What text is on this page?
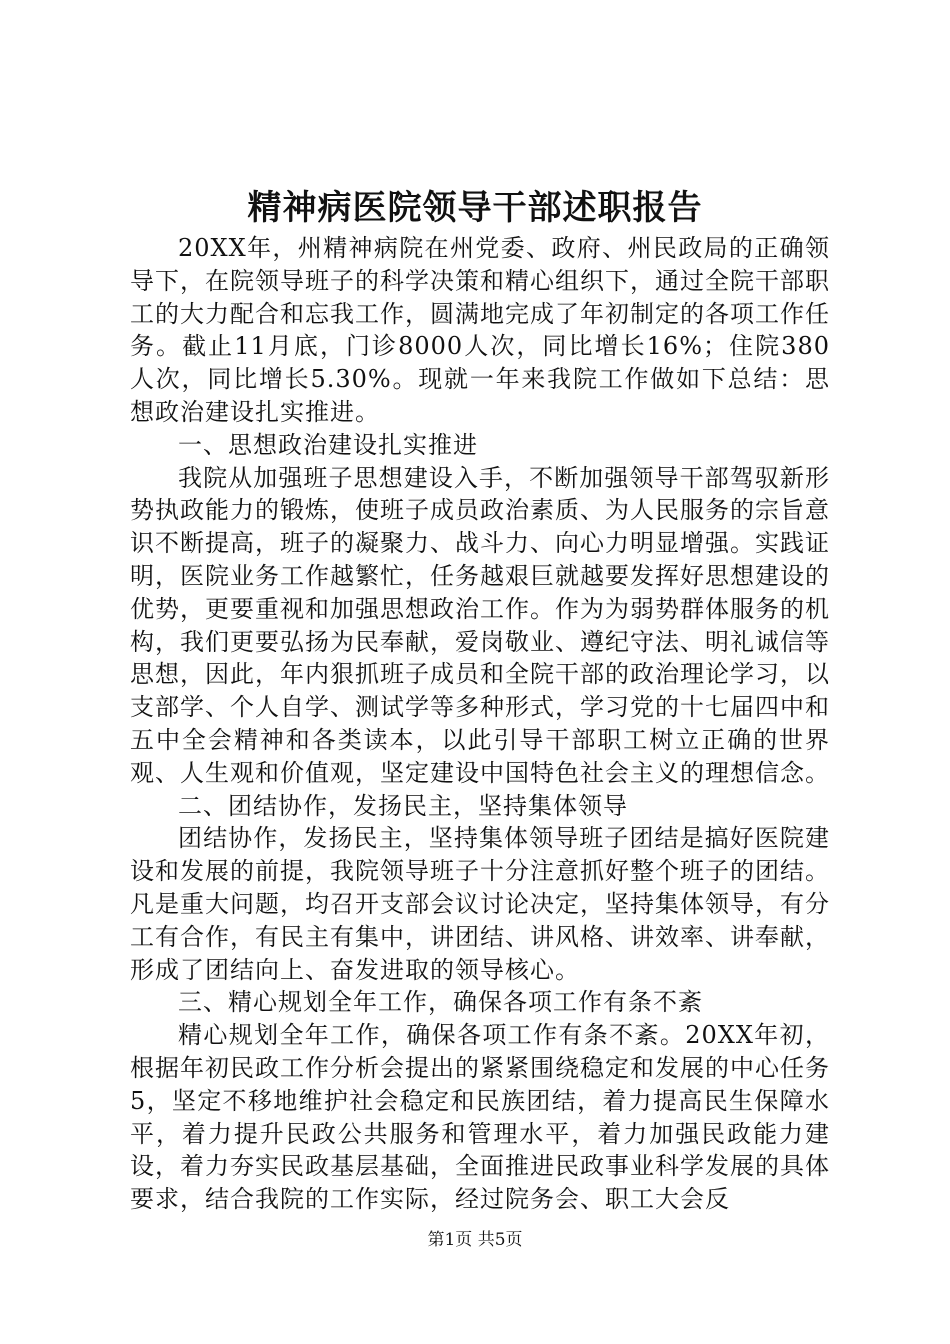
精神病医院领导干部述职报告

20XX年，州精神病院在州党委、政府、州民政局的正确领导下，在院领导班子的科学决策和精心组织下，通过全院干部职工的大力配合和忘我工作，圆满地完成了年初制定的各项工作任务。截止11月底，门诊8000人次，同比增长16%；住院380人次，同比增长5.30%。现就一年来我院工作做如下总结：思想政治建设扎实推进。

一、思想政治建设扎实推进

我院从加强班子思想建设入手，不断加强领导干部驾驭新形势执政能力的锻炼，使班子成员政治素质、为人民服务的宗旨意识不断提高，班子的凝聚力、战斗力、向心力明显增强。实践证明，医院业务工作越繁忙，任务越艰巨就越要发挥好思想建设的优势，更要重视和加强思想政治工作。作为为弱势群体服务的机构，我们更要弘扬为民奉献，爱岗敬业、遵纪守法、明礼诚信等思想，因此，年内狠抓班子成员和全院干部的政治理论学习，以支部学、个人自学、测试学等多种形式，学习党的十七届四中和五中全会精神和各类读本，以此引导干部职工树立正确的世界观、人生观和价值观，坚定建设中国特色社会主义的理想信念。

二、团结协作，发扬民主，坚持集体领导

团结协作，发扬民主，坚持集体领导班子团结是搞好医院建设和发展的前提，我院领导班子十分注意抓好整个班子的团结。凡是重大问题，均召开支部会议讨论决定，坚持集体领导，有分工有合作，有民主有集中，讲团结、讲风格、讲效率、讲奉献，形成了团结向上、奋发进取的领导核心。

三、精心规划全年工作，确保各项工作有条不紊

精心规划全年工作，确保各项工作有条不紊。20XX年初，根据年初民政工作分析会提出的紧紧围绕稳定和发展的中心任务5，坚定不移地维护社会稳定和民族团结，着力提高民生保障水平，着力提升民政公共服务和管理水平，着力加强民政能力建设，着力夯实民政基层基础，全面推进民政事业科学发展的具体要求，结合我院的工作实际，经过院务会、职工大会反

第1页 共5页
